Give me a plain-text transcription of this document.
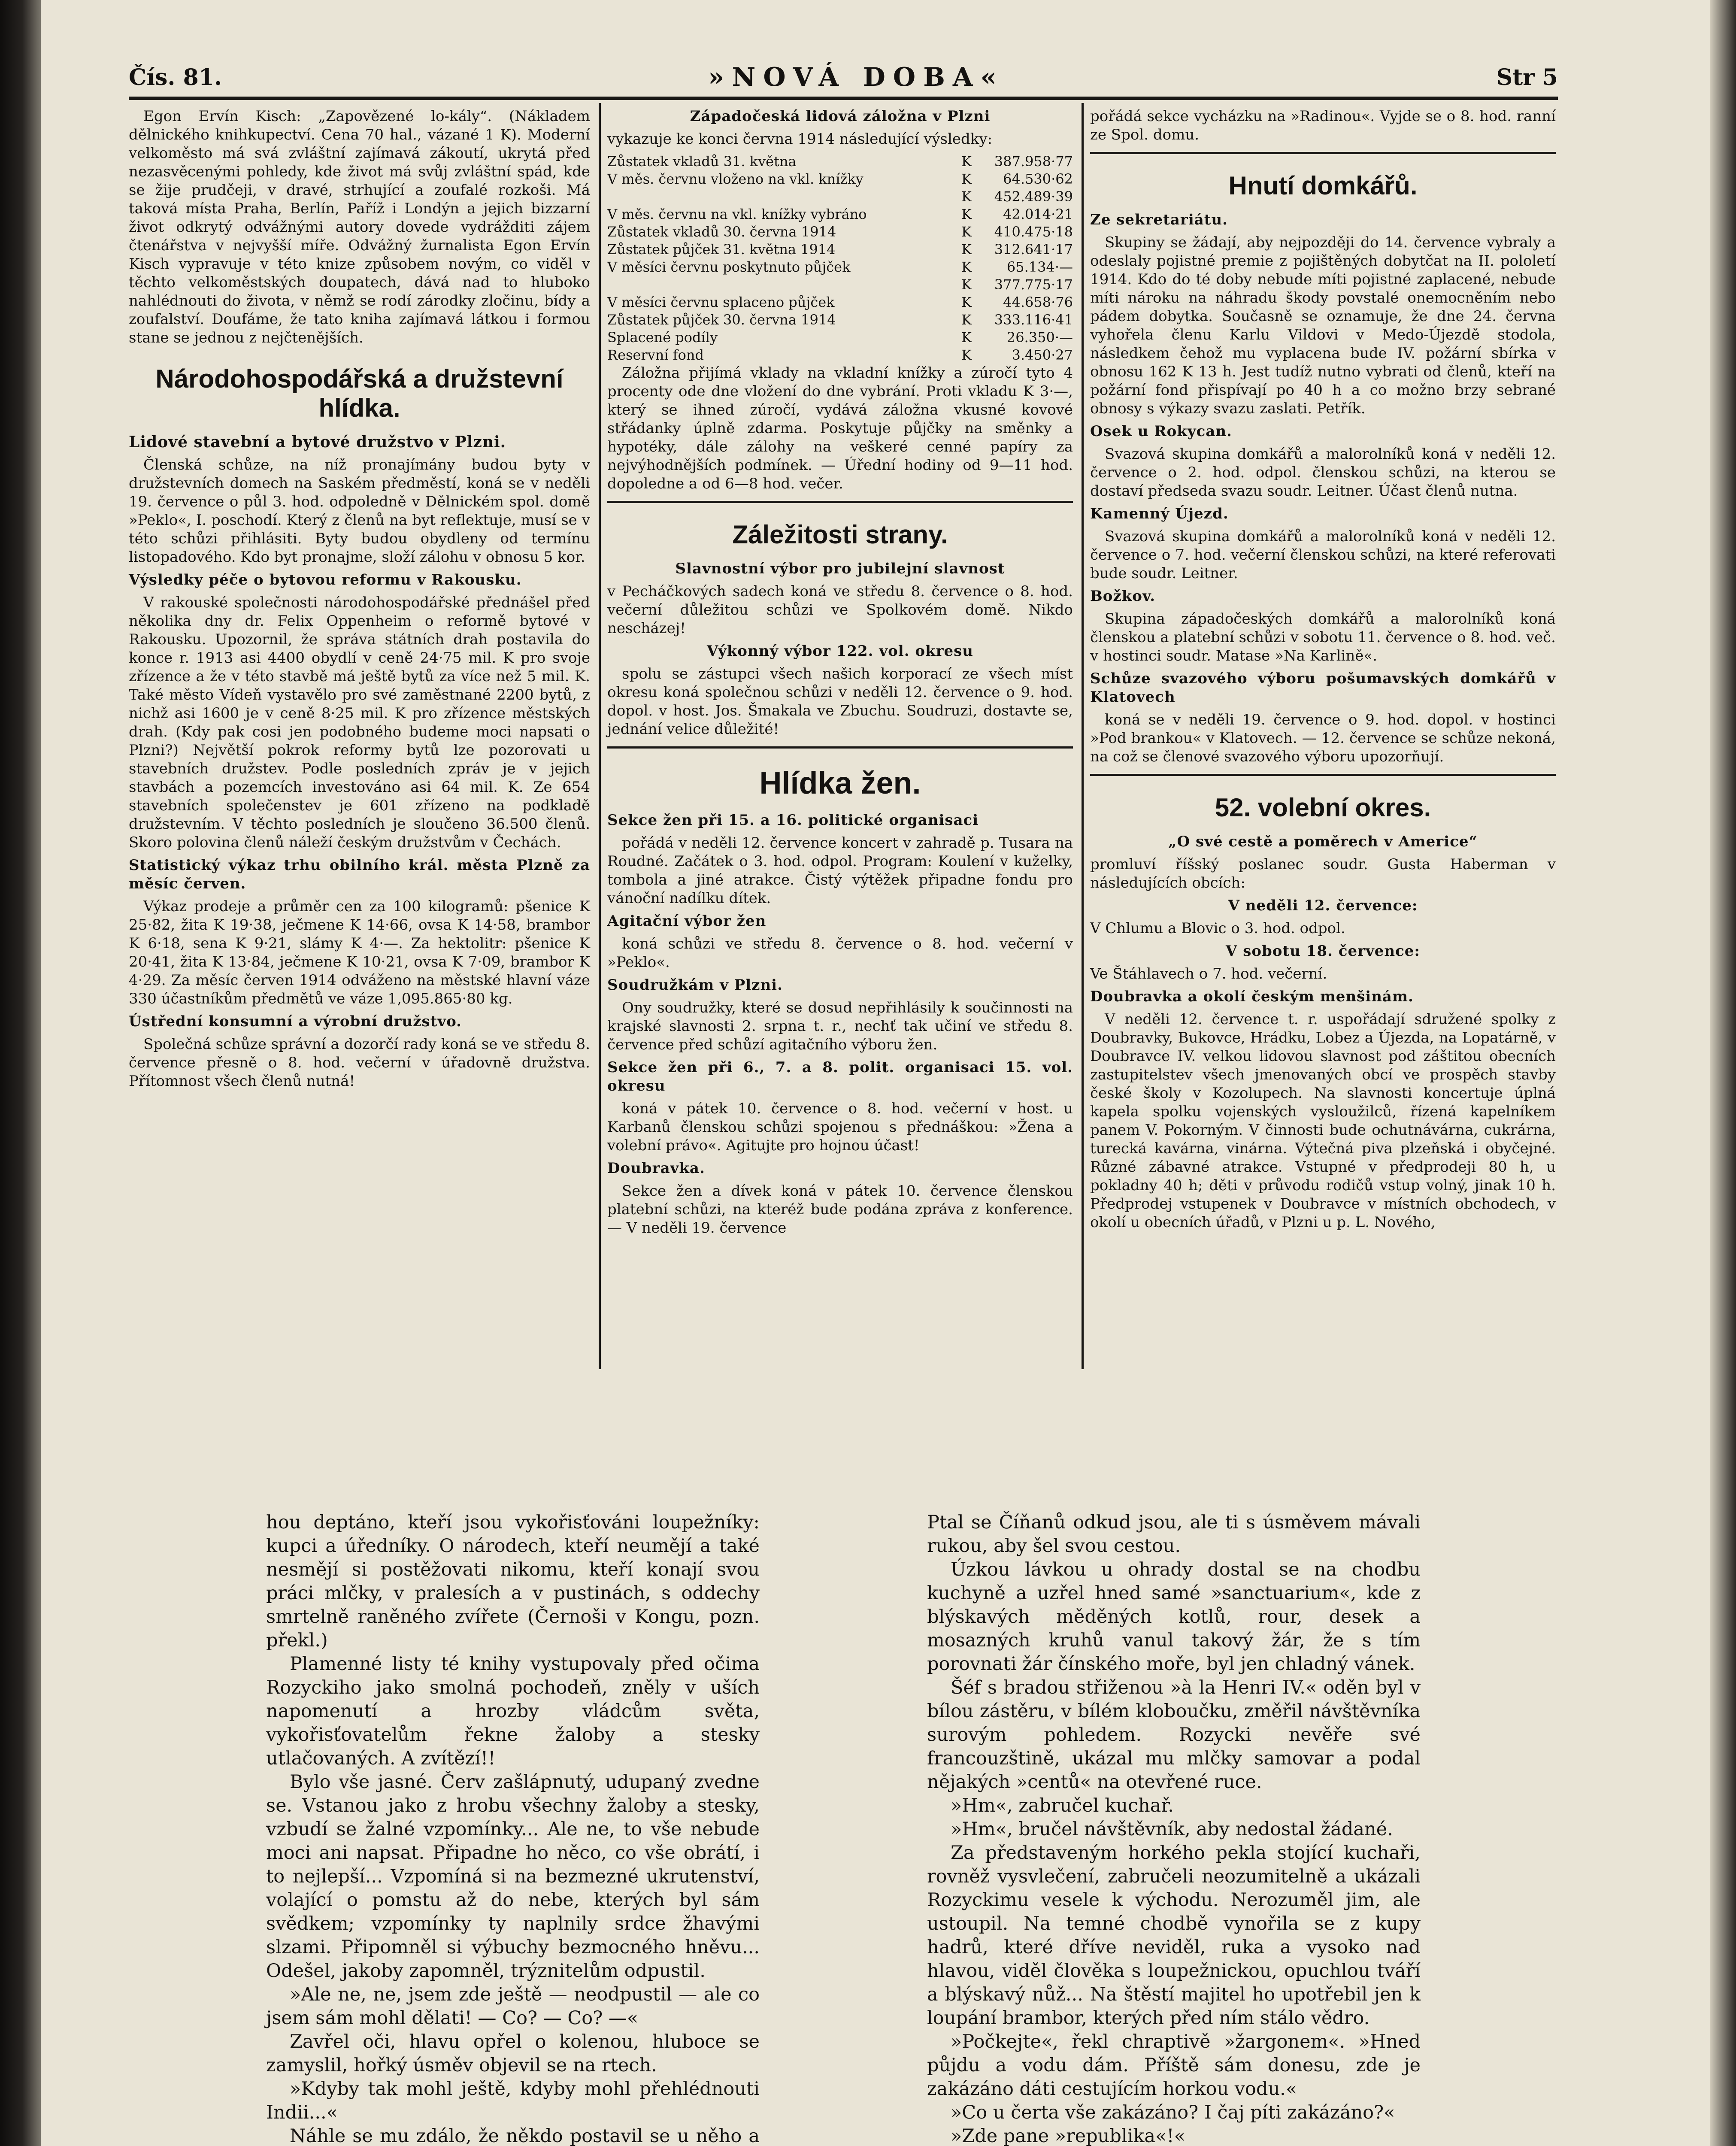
Čís. 81.	»NOVÁ DOBA«	Str 5

Egon Ervín Kisch: „Zapovězené lo-kály“. (Nákladem dělnického knihkupectví. Cena 70 hal., vázané 1 K). Moderní velkoměsto má svá zvláštní zajímavá zákoutí, ukrytá před nezasvěcenými pohledy, kde život má svůj zvláštní spád, kde se žije prudčeji, v dravé, strhující a zoufalé rozkoši. Má taková místa Praha, Berlín, Paříž i Londýn a jejich bizzarní život odkrytý odvážnými autory dovede vydrážditi zájem čtenářstva v nejvyšší míře. Odvážný žurnalista Egon Ervín Kisch vypravuje v této knize způsobem novým, co viděl v těchto velkoměstských doupatech, dává nad to hluboko nahlédnouti do života, v němž se rodí zárodky zločinu, bídy a zoufalství. Doufáme, že tato kniha zajímavá látkou i formou stane se jednou z nejčtenějších.

Národohospodářská a družstevní hlídka.

Lidové stavební a bytové družstvo v Plzni.

Členská schůze, na níž pronajímány budou byty v družstevních domech na Saském předměstí, koná se v neděli 19. července o půl 3. hod. odpoledně v Dělnickém spol. domě »Peklo«, I. poschodí. Který z členů na byt reflektuje, musí se v této schůzi přihlásiti. Byty budou obydleny od termínu listopadového. Kdo byt pronajme, složí zálohu v obnosu 5 kor.

Výsledky péče o bytovou reformu v Rakousku.

V rakouské společnosti národohospodářské přednášel před několika dny dr. Felix Oppenheim o reformě bytové v Rakousku. Upozornil, že správa státních drah postavila do konce r. 1913 asi 4400 obydlí v ceně 24·75 mil. K pro svoje zřízence a že v této stavbě má ještě bytů za více než 5 mil. K. Také město Vídeň vystavělo pro své zaměstnané 2200 bytů, z nichž asi 1600 je v ceně 8·25 mil. K pro zřízence městských drah. (Kdy pak cosi jen podobného budeme moci napsati o Plzni?) Největší pokrok reformy bytů lze pozorovati u stavebních družstev. Podle posledních zpráv je v jejich stavbách a pozemcích investováno asi 64 mil. K. Ze 654 stavebních společenstev je 601 zřízeno na podkladě družstevním. V těchto posledních je sloučeno 36.500 členů. Skoro polovina členů náleží českým družstvům v Čechách.

Statistický výkaz trhu obilního král. města Plzně za měsíc červen.

Výkaz prodeje a průměr cen za 100 kilogramů: pšenice K 25·82, žita K 19·38, ječmene K 14·66, ovsa K 14·58, brambor K 6·18, sena K 9·21, slámy K 4·—. Za hektolitr: pšenice K 20·41, žita K 13·84, ječmene K 10·21, ovsa K 7·09, brambor K 4·29. Za měsíc červen 1914 odváženo na městské hlavní váze 330 účastníkům předmětů ve váze 1,095.865·80 kg.

Ústřední konsumní a výrobní družstvo.

Společná schůze správní a dozorčí rady koná se ve středu 8. července přesně o 8. hod. večerní v úřadovně družstva. Přítomnost všech členů nutná!

Západočeská lidová záložna v Plzni

vykazuje ke konci června 1914 následující výsledky:

Zůstatek vkladů 31. května	K	387.958·77
V měs. červnu vloženo na vkl. knížky	K	64.530·62
	K	452.489·39
V měs. červnu na vkl. knížky vybráno	K	42.014·21
Zůstatek vkladů 30. června 1914	K	410.475·18
Zůstatek půjček 31. května 1914	K	312.641·17
V měsíci červnu poskytnuto půjček	K	65.134·—
	K	377.775·17
V měsíci červnu splaceno půjček	K	44.658·76
Zůstatek půjček 30. června 1914	K	333.116·41
Splacené podíly	K	26.350·—
Reservní fond	K	3.450·27

Záložna přijímá vklady na vkladní knížky a zúročí tyto 4 procenty ode dne vložení do dne vybrání. Proti vkladu K 3·—, který se ihned zúročí, vydává záložna vkusné kovové střádanky úplně zdarma. Poskytuje půjčky na směnky a hypotéky, dále zálohy na veškeré cenné papíry za nejvýhodnějších podmínek. — Úřední hodiny od 9—11 hod. dopoledne a od 6—8 hod. večer.

Záležitosti strany.

Slavnostní výbor pro jubilejní slavnost

v Pecháčkových sadech koná ve středu 8. července o 8. hod. večerní důležitou schůzi ve Spolkovém domě. Nikdo nescházej!

Výkonný výbor 122. vol. okresu

spolu se zástupci všech našich korporací ze všech míst okresu koná společnou schůzi v neděli 12. července o 9. hod. dopol. v host. Jos. Šmakala ve Zbuchu. Soudruzi, dostavte se, jednání velice důležité!

Hlídka žen.

Sekce žen při 15. a 16. politické organisaci

pořádá v neděli 12. července koncert v zahradě p. Tusara na Roudné. Začátek o 3. hod. odpol. Program: Koulení v kuželky, tombola a jiné atrakce. Čistý výtěžek připadne fondu pro vánoční nadílku dítek.

Agitační výbor žen

koná schůzi ve středu 8. července o 8. hod. večerní v »Peklo«.

Soudružkám v Plzni.

Ony soudružky, které se dosud nepřihlásily k součinnosti na krajské slavnosti 2. srpna t. r., nechť tak učiní ve středu 8. července před schůzí agitačního výboru žen.

Sekce žen při 6., 7. a 8. polit. organisaci 15. vol. okresu

koná v pátek 10. července o 8. hod. večerní v host. u Karbanů členskou schůzi spojenou s přednáškou: »Žena a volební právo«. Agitujte pro hojnou účast!

Doubravka.

Sekce žen a dívek koná v pátek 10. července členskou platební schůzi, na kteréž bude podána zpráva z konference. — V neděli 19. července

pořádá sekce vycházku na »Radinou«. Vyjde se o 8. hod. ranní ze Spol. domu.

Hnutí domkářů.

Ze sekretariátu.

Skupiny se žádají, aby nejpozději do 14. července vybraly a odeslaly pojistné premie z pojištěných dobytčat na II. pololetí 1914. Kdo do té doby nebude míti pojistné zaplacené, nebude míti nároku na náhradu škody povstalé onemocněním nebo pádem dobytka. Současně se oznamuje, že dne 24. června vyhořela členu Karlu Vildovi v Medo-Újezdě stodola, následkem čehož mu vyplacena bude IV. požární sbírka v obnosu 162 K 13 h. Jest tudíž nutno vybrati od členů, kteří na požární fond přispívají po 40 h a co možno brzy sebrané obnosy s výkazy svazu zaslati. Petřík.

Osek u Rokycan.

Svazová skupina domkářů a malorolníků koná v neděli 12. července o 2. hod. odpol. členskou schůzi, na kterou se dostaví předseda svazu soudr. Leitner. Účast členů nutna.

Kamenný Újezd.

Svazová skupina domkářů a malorolníků koná v neděli 12. července o 7. hod. večerní členskou schůzi, na které referovati bude soudr. Leitner.

Božkov.

Skupina západočeských domkářů a malorolníků koná členskou a platební schůzi v sobotu 11. července o 8. hod. več. v hostinci soudr. Matase »Na Karlině«.

Schůze svazového výboru pošumavských domkářů v Klatovech

koná se v neděli 19. července o 9. hod. dopol. v hostinci »Pod brankou« v Klatovech. — 12. července se schůze nekoná, na což se členové svazového výboru upozorňují.

52. volební okres.

„O své cestě a poměrech v Americe“

promluví říšský poslanec soudr. Gusta Haberman v následujících obcích:

V neděli 12. července:

V Chlumu a Blovic o 3. hod. odpol.

V sobotu 18. července:

Ve Štáhlavech o 7. hod. večerní.

Doubravka a okolí českým menšinám.

V neděli 12. července t. r. uspořádají sdružené spolky z Doubravky, Bukovce, Hrádku, Lobez a Újezda, na Lopatárně, v Doubravce IV. velkou lidovou slavnost pod záštitou obecních zastupitelstev všech jmenovaných obcí ve prospěch stavby české školy v Kozolupech. Na slavnosti koncertuje úplná kapela spolku vojenských vysloužilců, řízená kapelníkem panem V. Pokorným. V činnosti bude ochutnávárna, cukrárna, turecká kavárna, vinárna. Výtečná piva plzeňská i obyčejné. Různé zábavné atrakce. Vstupné v předprodeji 80 h, u pokladny 40 h; děti v průvodu rodičů vstup volný, jinak 10 h. Předprodej vstupenek v Doubravce v místních obchodech, v okolí u obecních úřadů, v Plzni u p. L. Nového,

hou deptáno, kteří jsou vykořisťováni loupežníky: kupci a úředníky. O národech, kteří neumějí a také nesmějí si postěžovati nikomu, kteří konají svou práci mlčky, v pralesích a v pustinách, s oddechy smrtelně raněného zvířete (Černoši v Kongu, pozn. překl.)

Plamenné listy té knihy vystupovaly před očima Rozyckiho jako smolná pochodeň, zněly v uších napomenutí a hrozby vládcům světa, vykořisťovatelům řekne žaloby a stesky utlačovaných. A zvítězí!!

Bylo vše jasné. Červ zašlápnutý, udupaný zvedne se. Vstanou jako z hrobu všechny žaloby a stesky, vzbudí se žalné vzpomínky... Ale ne, to vše nebude moci ani napsat. Připadne ho něco, co vše obrátí, i to nejlepší... Vzpomíná si na bezmezné ukrutenství, volající o pomstu až do nebe, kterých byl sám svědkem; vzpomínky ty naplnily srdce žhavými slzami. Připomněl si výbuchy bezmocného hněvu... Odešel, jakoby zapomněl, trýznitelům odpustil.

»Ale ne, ne, jsem zde ještě — neodpustil — ale co jsem sám mohl dělati! — Co? — Co? —«

Zavřel oči, hlavu opřel o kolenou, hluboce se zamyslil, hořký úsměv objevil se na rtech.

»Kdyby tak mohl ještě, kdyby mohl přehlédnouti Indii...«

Náhle se mu zdálo, že někdo postavil se u něho a

Ptal se Číňanů odkud jsou, ale ti s úsměvem mávali rukou, aby šel svou cestou.

Úzkou lávkou u ohrady dostal se na chodbu kuchyně a uzřel hned samé »sanctuarium«, kde z blýskavých měděných kotlů, rour, desek a mosazných kruhů vanul takový žár, že s tím porovnati žár čínského moře, byl jen chladný vánek.

Šéf s bradou střiženou »à la Henri IV.« oděn byl v bílou zástěru, v bílém kloboučku, změřil návštěvníka surovým pohledem. Rozycki nevěře své francouzštině, ukázal mu mlčky samovar a podal nějakých »centů« na otevřené ruce.

»Hm«, zabručel kuchař.

»Hm«, bručel návštěvník, aby nedostal žádané.

Za představeným horkého pekla stojící kuchaři, rovněž vysvlečení, zabručeli neozumitelně a ukázali Rozyckimu vesele k východu. Nerozuměl jim, ale ustoupil. Na temné chodbě vynořila se z kupy hadrů, které dříve neviděl, ruka a vysoko nad hlavou, viděl člověka s loupežnickou, opuchlou tváří a blýskavý nůž... Na štěstí majitel ho upotřebil jen k loupání brambor, kterých před ním stálo vědro.

»Počkejte«, řekl chraptivě »žargonem«. »Hned půjdu a vodu dám. Příště sám donesu, zde je zakázáno dáti cestujícím horkou vodu.«

»Co u čerta vše zakázáno? I čaj píti zakázáno?«

»Zde pane »republika«!«
